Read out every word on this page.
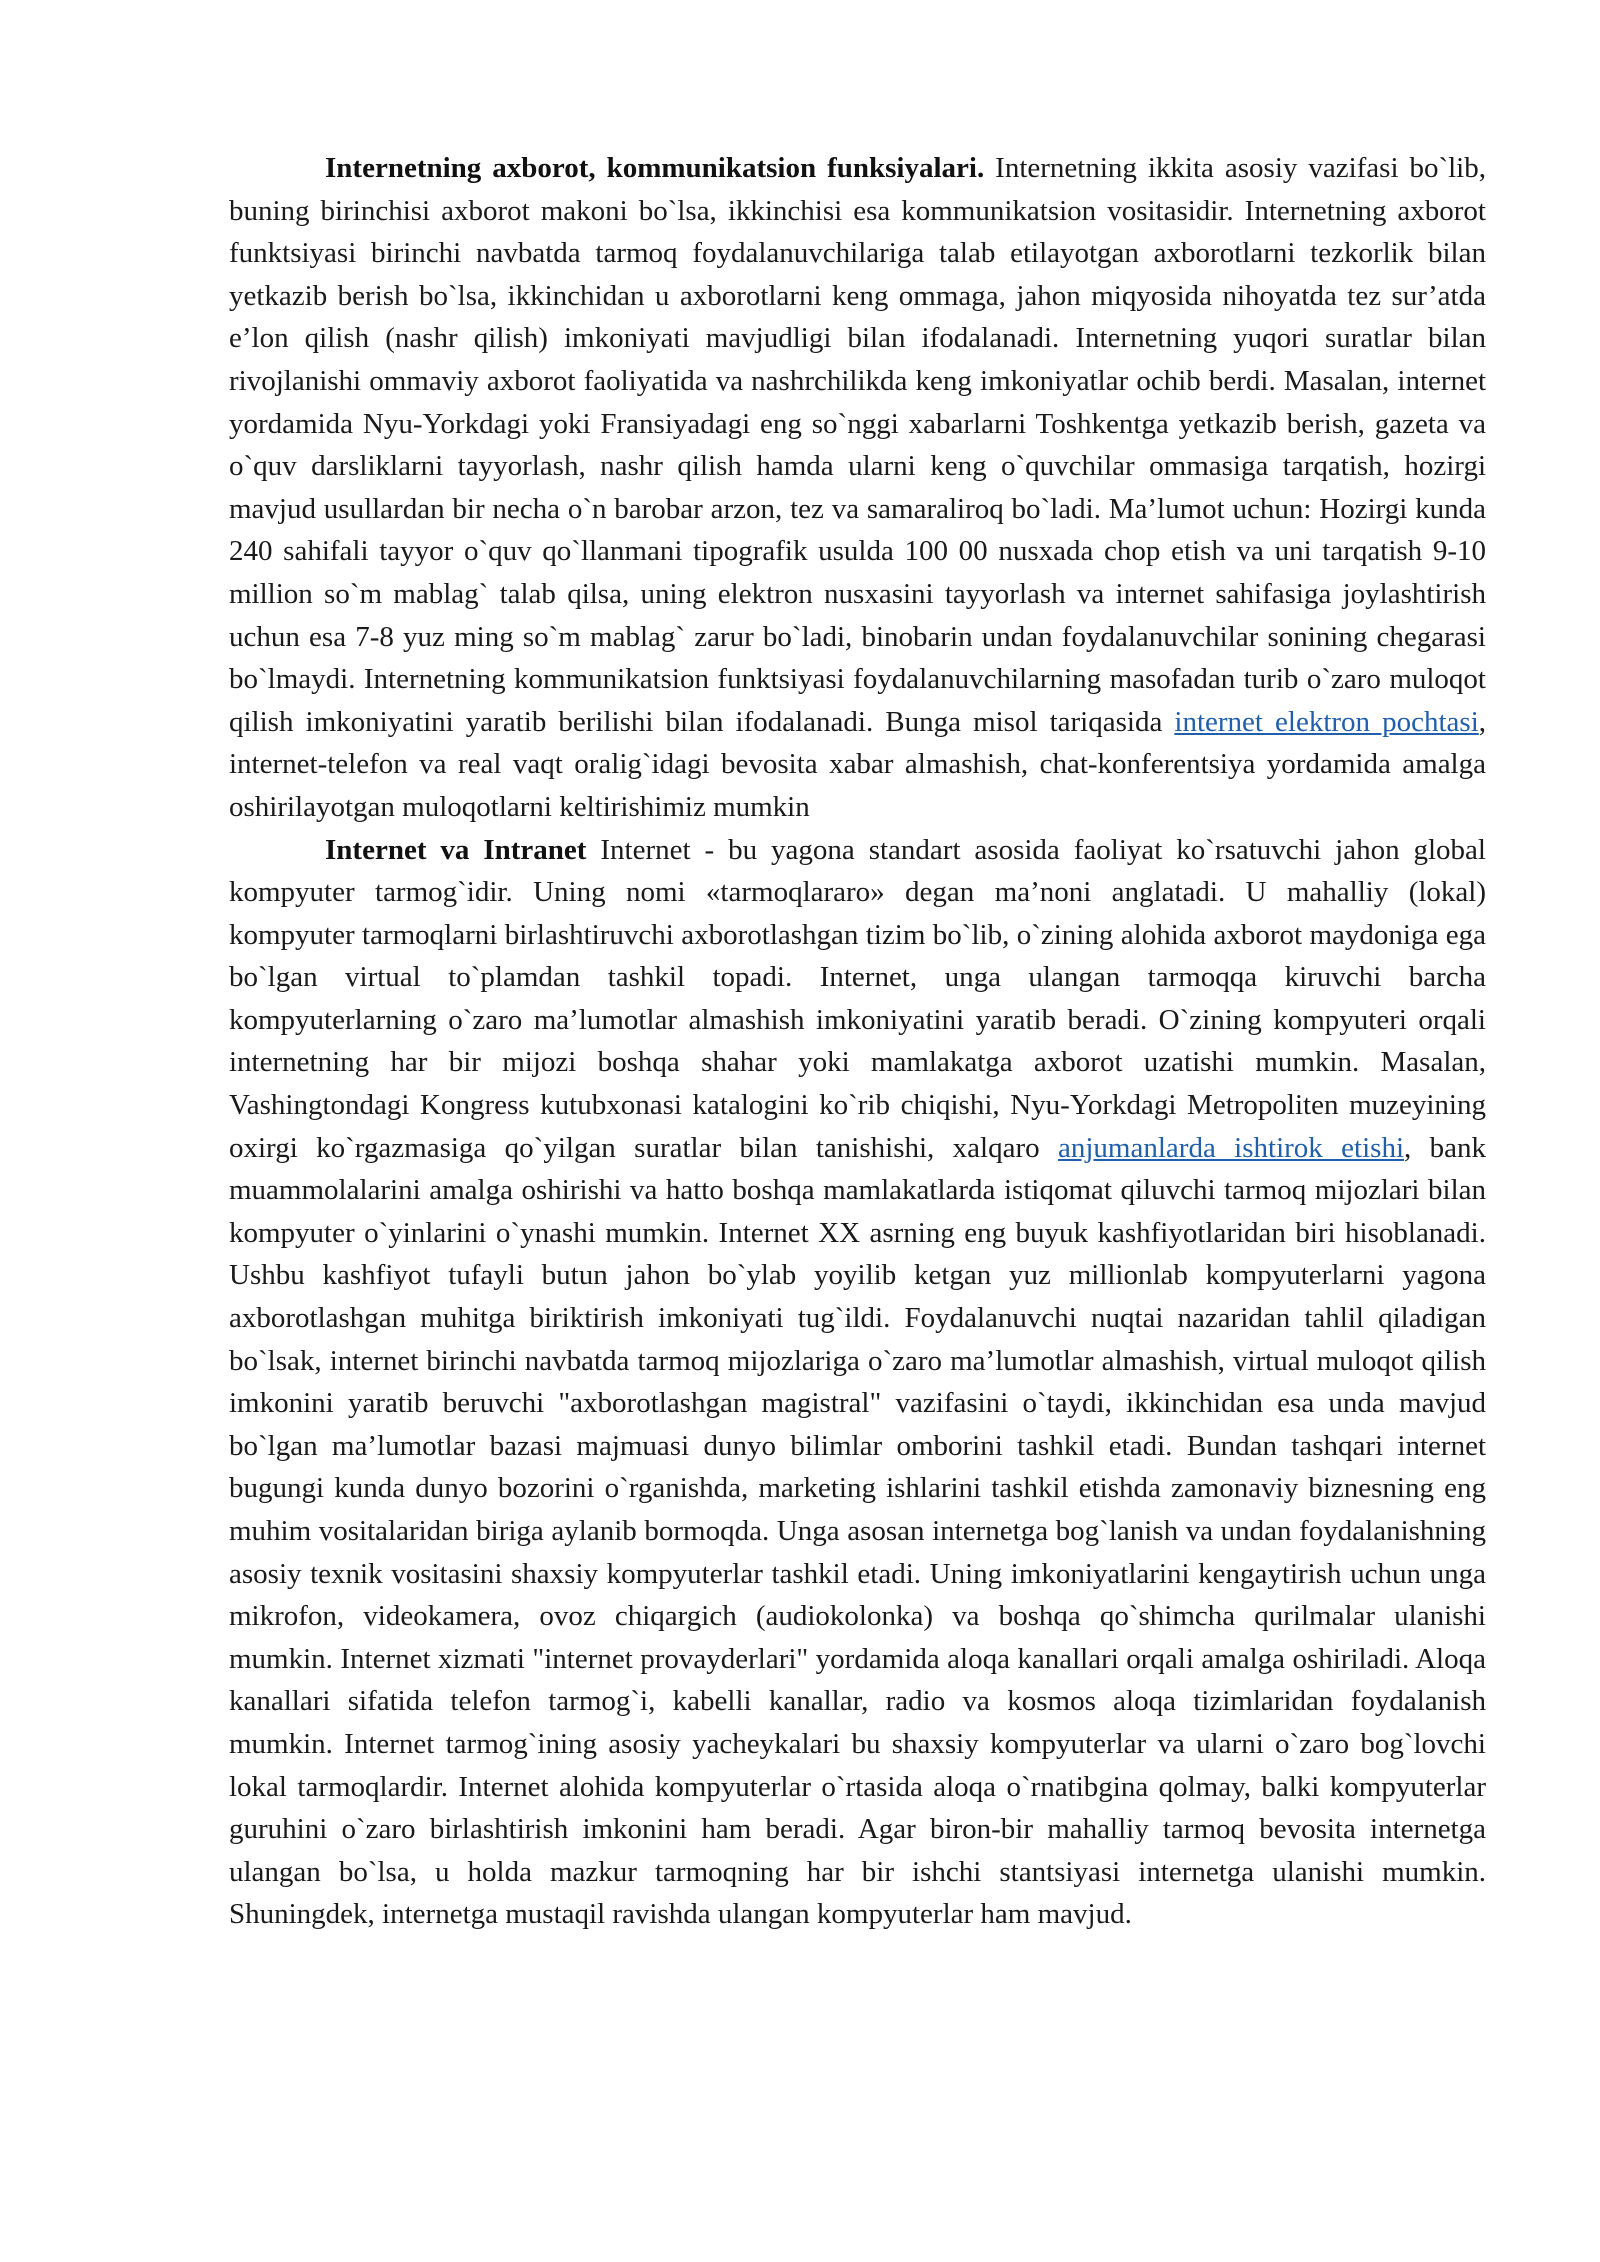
Internetning axborot, kommunikatsion funksiyalari. Internetning ikkita asosiy vazifasi bo`lib, buning birinchisi axborot makoni bo`lsa, ikkinchisi esa kommunikatsion vositasidir. Internetning axborot funktsiyasi birinchi navbatda tarmoq foydalanuvchilariga talab etilayotgan axborotlarni tezkorlik bilan yetkazib berish bo`lsa, ikkinchidan u axborotlarni keng ommaga, jahon miqyosida nihoyatda tez sur’atda e’lon qilish (nashr qilish) imkoniyati mavjudligi bilan ifodalanadi. Internetning yuqori suratlar bilan rivojlanishi ommaviy axborot faoliyatida va nashrchilikda keng imkoniyatlar ochib berdi. Masalan, internet yordamida Nyu-Yorkdagi yoki Fransiyadagi eng so`nggi xabarlarni Toshkentga yetkazib berish, gazeta va o`quv darsliklarni tayyorlash, nashr qilish hamda ularni keng o`quvchilar ommasiga tarqatish, hozirgi mavjud usullardan bir necha o`n barobar arzon, tez va samaraliroq bo`ladi. Ma’lumot uchun: Hozirgi kunda 240 sahifali tayyor o`quv qo`llanmani tipografik usulda 100 00 nusxada chop etish va uni tarqatish 9-10 million so`m mablag` talab qilsa, uning elektron nusxasini tayyorlash va internet sahifasiga joylashtirish uchun esa 7-8 yuz ming so`m mablag` zarur bo`ladi, binobarin undan foydalanuvchilar sonining chegarasi bo`lmaydi. Internetning kommunikatsion funktsiyasi foydalanuvchilarning masofadan turib o`zaro muloqot qilish imkoniyatini yaratib berilishi bilan ifodalanadi. Bunga misol tariqasida internet elektron pochtasi, internet-telefon va real vaqt oralig`idagi bevosita xabar almashish, chat-konferentsiya yordamida amalga oshirilayotgan muloqotlarni keltirishimiz mumkin

Internet va Intranet Internet - bu yagona standart asosida faoliyat ko`rsatuvchi jahon global kompyuter tarmog`idir. Uning nomi «tarmoqlararo» degan ma’noni anglatadi. U mahalliy (lokal) kompyuter tarmoqlarni birlashtiruvchi axborotlashgan tizim bo`lib, o`zining alohida axborot maydoniga ega bo`lgan virtual to`plamdan tashkil topadi. Internet, unga ulangan tarmoqqa kiruvchi barcha kompyuterlarning o`zaro ma’lumotlar almashish imkoniyatini yaratib beradi. O`zining kompyuteri orqali internetning har bir mijozi boshqa shahar yoki mamlakatga axborot uzatishi mumkin. Masalan, Vashingtondagi Kongress kutubxonasi katalogini ko`rib chiqishi, Nyu-Yorkdagi Metropoliten muzeyining oxirgi ko`rgazmasiga qo`yilgan suratlar bilan tanishishi, xalqaro anjumanlarda ishtirok etishi, bank muammolalarini amalga oshirishi va hatto boshqa mamlakatlarda istiqomat qiluvchi tarmoq mijozlari bilan kompyuter o`yinlarini o`ynashi mumkin. Internet XX asrning eng buyuk kashfiyotlaridan biri hisoblanadi. Ushbu kashfiyot tufayli butun jahon bo`ylab yoyilib ketgan yuz millionlab kompyuterlarni yagona axborotlashgan muhitga biriktirish imkoniyati tug`ildi. Foydalanuvchi nuqtai nazaridan tahlil qiladigan bo`lsak, internet birinchi navbatda tarmoq mijozlariga o`zaro ma’lumotlar almashish, virtual muloqot qilish imkonini yaratib beruvchi "axborotlashgan magistral" vazifasini o`taydi, ikkinchidan esa unda mavjud bo`lgan ma’lumotlar bazasi majmuasi dunyo bilimlar omborini tashkil etadi. Bundan tashqari internet bugungi kunda dunyo bozorini o`rganishda, marketing ishlarini tashkil etishda zamonaviy biznesning eng muhim vositalaridan biriga aylanib bormoqda. Unga asosan internetga bog`lanish va undan foydalanishning asosiy texnik vositasini shaxsiy kompyuterlar tashkil etadi. Uning imkoniyatlarini kengaytirish uchun unga mikrofon, videokamera, ovoz chiqargich (audiokolonka) va boshqa qo`shimcha qurilmalar ulanishi mumkin. Internet xizmati "internet provayderlari" yordamida aloqa kanallari orqali amalga oshiriladi. Aloqa kanallari sifatida telefon tarmog`i, kabelli kanallar, radio va kosmos aloqa tizimlaridan foydalanish mumkin. Internet tarmog`ining asosiy yacheykalari bu shaxsiy kompyuterlar va ularni o`zaro bog`lovchi lokal tarmoqlardir. Internet alohida kompyuterlar o`rtasida aloqa o`rnatibgina qolmay, balki kompyuterlar guruhini o`zaro birlashtirish imkonini ham beradi. Agar biron-bir mahalliy tarmoq bevosita internetga ulangan bo`lsa, u holda mazkur tarmoqning har bir ishchi stantsiyasi internetga ulanishi mumkin. Shuningdek, internetga mustaqil ravishda ulangan kompyuterlar ham mavjud.
